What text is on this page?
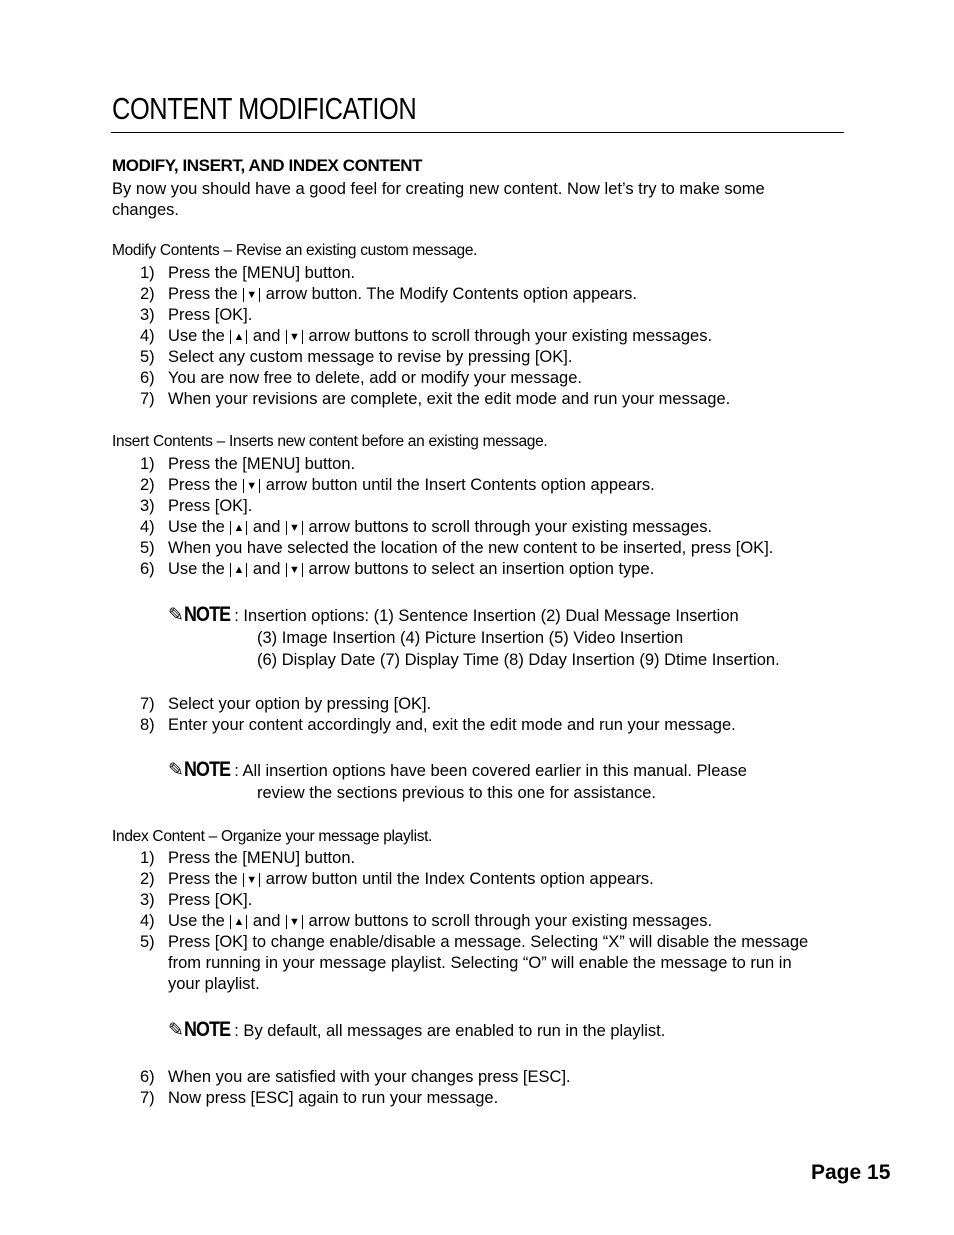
CONTENT MODIFICATION
MODIFY, INSERT, AND INDEX CONTENT

By now you should have a good feel for creating new content. Now let’s try to make some changes.

Modify Contents – Revise an existing custom message.
1) Press the [MENU] button.
2) Press the ▼ arrow button. The Modify Contents option appears.
3) Press [OK].
4) Use the ▲ and ▼ arrow buttons to scroll through your existing messages.
5) Select any custom message to revise by pressing [OK].
6) You are now free to delete, add or modify your message.
7) When your revisions are complete, exit the edit mode and run your message.
Insert Contents – Inserts new content before an existing message.
1) Press the [MENU] button.
2) Press the ▼ arrow button until the Insert Contents option appears.
3) Press [OK].
4) Use the ▲ and ▼ arrow buttons to scroll through your existing messages.
5) When you have selected the location of the new content to be inserted, press [OK].
6) Use the ▲ and ▼ arrow buttons to select an insertion option type.
✎NOTE : Insertion options: (1) Sentence Insertion (2) Dual Message Insertion
(3) Image Insertion (4) Picture Insertion (5) Video Insertion
(6) Display Date (7) Display Time (8) Dday Insertion (9) Dtime Insertion.
7) Select your option by pressing [OK].
8) Enter your content accordingly and, exit the edit mode and run your message.
✎NOTE : All insertion options have been covered earlier in this manual. Please
review the sections previous to this one for assistance.
Index Content – Organize your message playlist.
1) Press the [MENU] button.
2) Press the ▼ arrow button until the Index Contents option appears.
3) Press [OK].
4) Use the ▲ and ▼ arrow buttons to scroll through your existing messages.
5) Press [OK] to change enable/disable a message. Selecting “X” will disable the message from running in your message playlist. Selecting “O” will enable the message to run in your playlist.
✎NOTE : By default, all messages are enabled to run in the playlist.
6) When you are satisfied with your changes press [ESC].
7) Now press [ESC] again to run your message.
Page 15
